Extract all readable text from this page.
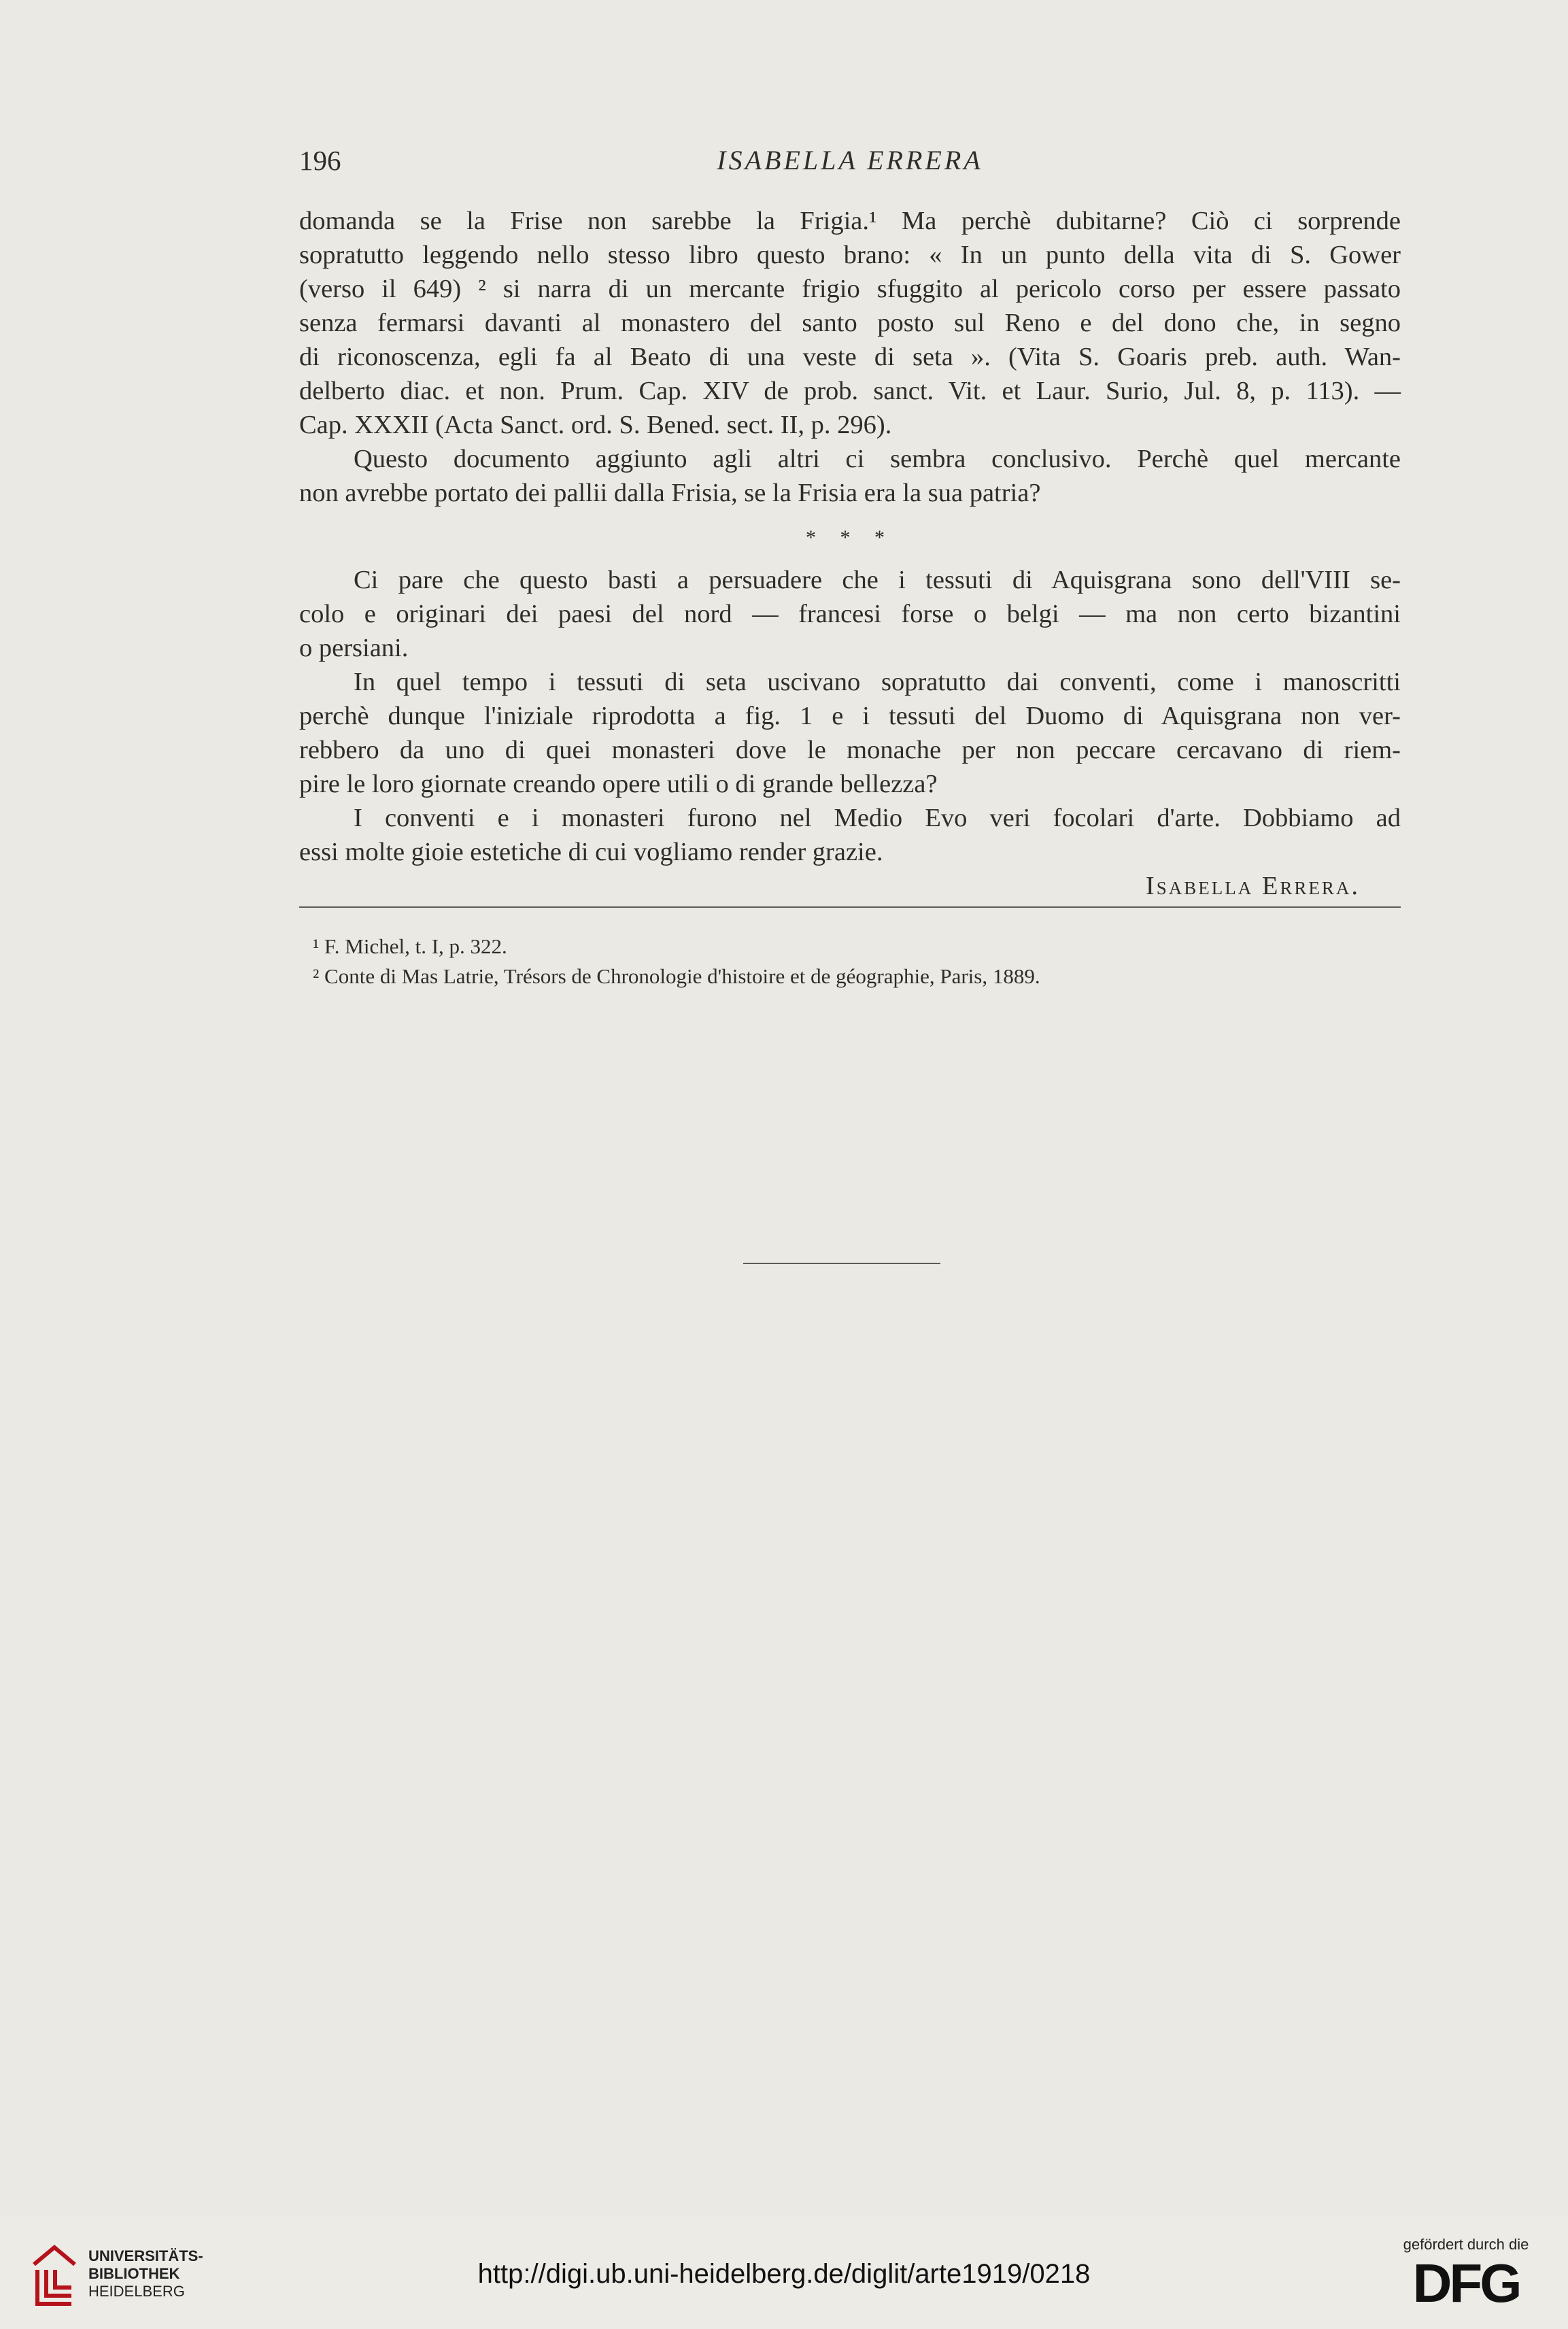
196	ISABELLA ERRERA

domanda se la Frise non sarebbe la Frigia.¹ Ma perchè dubitarne? Ciò ci sorprende
sopratutto leggendo nello stesso libro questo brano: « In un punto della vita di S. Gower
(verso il 649) ² si narra di un mercante frigio sfuggito al pericolo corso per essere passato
senza fermarsi davanti al monastero del santo posto sul Reno e del dono che, in segno
di riconoscenza, egli fa al Beato di una veste di seta ». (Vita S. Goaris preb. auth. Wan-
delberto diac. et non. Prum. Cap. XIV de prob. sanct. Vit. et Laur. Surio, Jul. 8, p. 113). —
Cap. XXXII (Acta Sanct. ord. S. Bened. sect. II, p. 296).

Questo documento aggiunto agli altri ci sembra conclusivo. Perchè quel mercante
non avrebbe portato dei pallii dalla Frisia, se la Frisia era la sua patria?

* * *

Ci pare che questo basti a persuadere che i tessuti di Aquisgrana sono dell'VIII se-
colo e originari dei paesi del nord — francesi forse o belgi — ma non certo bizantini
o persiani.

In quel tempo i tessuti di seta uscivano sopratutto dai conventi, come i manoscritti
perchè dunque l'iniziale riprodotta a fig. 1 e i tessuti del Duomo di Aquisgrana non ver-
rebbero da uno di quei monasteri dove le monache per non peccare cercavano di riem-
pire le loro giornate creando opere utili o di grande bellezza?

I conventi e i monasteri furono nel Medio Evo veri focolari d'arte. Dobbiamo ad
essi molte gioie estetiche di cui vogliamo render grazie.

Isabella Errera.

¹ F. Michel, t. I, p. 322.

² Conte di Mas Latrie, Trésors de Chronologie d'histoire et de géographie, Paris, 1889.

UNIVERSITÄTS-
BIBLIOTHEK
HEIDELBERG
http://digi.ub.uni-heidelberg.de/diglit/arte1919/0218
gefördert durch die
DFG
